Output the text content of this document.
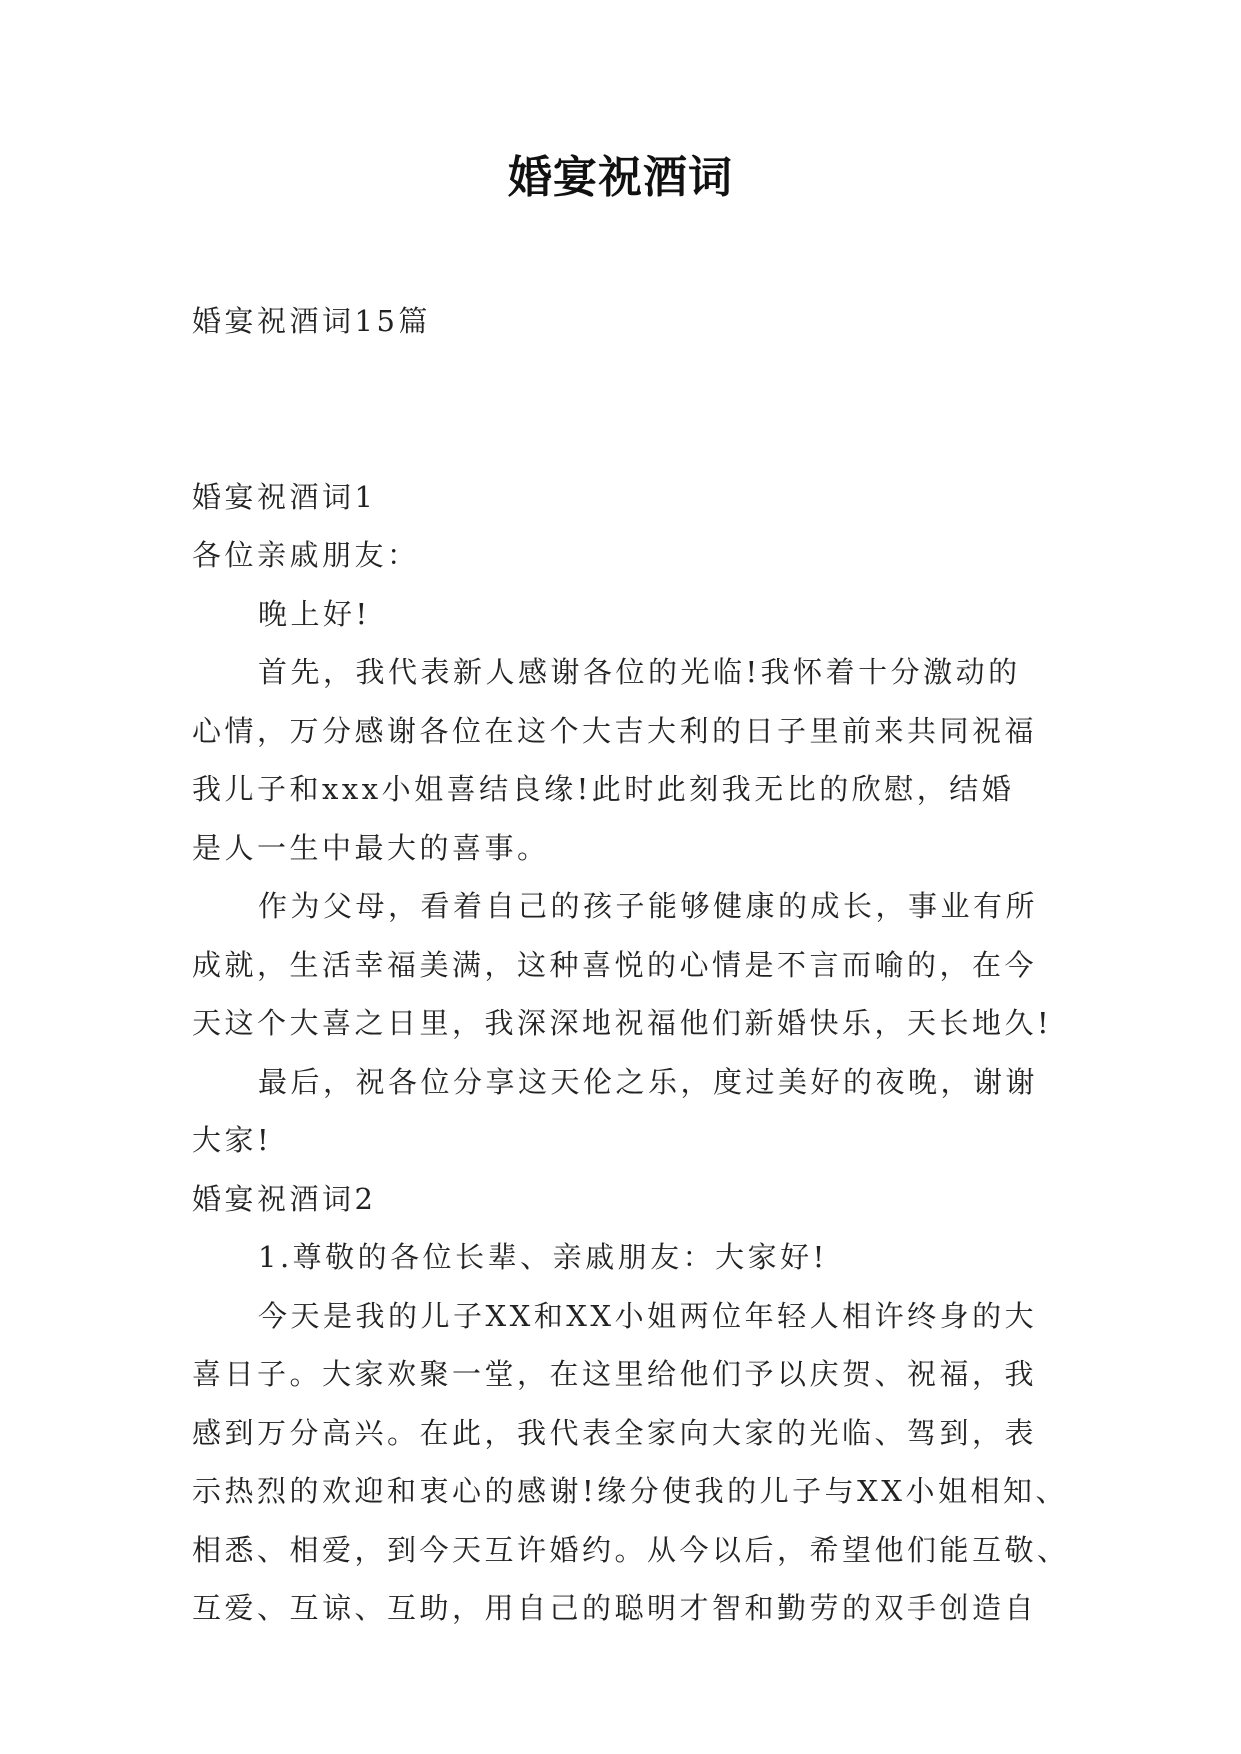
婚宴祝酒词
婚宴祝酒词15篇
婚宴祝酒词1
各位亲戚朋友：
晚上好!
首先，我代表新人感谢各位的光临!我怀着十分激动的
心情，万分感谢各位在这个大吉大利的日子里前来共同祝福
我儿子和xxx小姐喜结良缘!此时此刻我无比的欣慰，结婚
是人一生中最大的喜事。
作为父母，看着自己的孩子能够健康的成长，事业有所
成就，生活幸福美满，这种喜悦的心情是不言而喻的，在今
天这个大喜之日里，我深深地祝福他们新婚快乐，天长地久!
最后，祝各位分享这天伦之乐，度过美好的夜晚，谢谢
大家!
婚宴祝酒词2
1.尊敬的各位长辈、亲戚朋友：大家好!
今天是我的儿子XX和XX小姐两位年轻人相许终身的大
喜日子。大家欢聚一堂，在这里给他们予以庆贺、祝福，我
感到万分高兴。在此，我代表全家向大家的光临、驾到，表
示热烈的欢迎和衷心的感谢!缘分使我的儿子与XX小姐相知、
相悉、相爱，到今天互许婚约。从今以后，希望他们能互敬、
互爱、互谅、互助，用自己的聪明才智和勤劳的双手创造自
